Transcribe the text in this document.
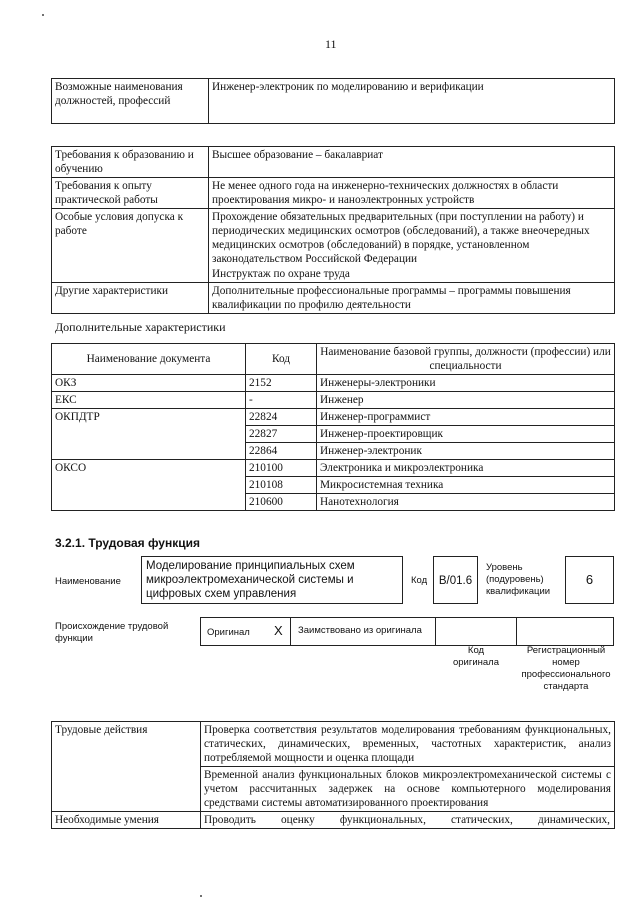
11
Возможные наименования должностей, профессий	Инженер-электроник по моделированию и верификации
Требования к образованию и обучению	Высшее образование – бакалавриат
Требования к опыту практической работы	Не менее одного года на инженерно-технических должностях в области проектирования микро- и наноэлектронных устройств
Особые условия допуска к работе	Прохождение обязательных предварительных (при поступлении на работу) и периодических медицинских осмотров (обследований), а также внеочередных медицинских осмотров (обследований) в порядке, установленном законодательством Российской Федерации
Инструктаж по охране труда

Другие характеристики	Дополнительные профессиональные программы – программы повышения квалификации по профилю деятельности
Дополнительные характеристики
Наименование документа	Код	Наименование базовой группы, должности (профессии) или специальности
ОКЗ	2152	Инженеры-электроники
ЕКС	-	Инженер
ОКПДТР	22824	Инженер-программист
	22827	Инженер-проектировщик
	22864	Инженер-электроник
ОКСО	210100	Электроника и микроэлектроника
	210108	Микросистемная техника
	210600	Нанотехнология
3.2.1. Трудовая функция
Наименование
Моделирование принципиальных схем микроэлектромеханической системы и цифровых схем управления
Код	B/01.6
Уровень (подуровень) квалификации
6
Происхождение трудовой функции
Оригинал X Заимствовано из оригинала
Код оригинала
Регистрационный номер профессионального стандарта
Трудовые действия	Проверка соответствия результатов моделирования требованиям функциональных, статических, динамических, временных, частотных характеристик, анализ потребляемой мощности и оценка площади
	Временной анализ функциональных блоков микроэлектромеханической системы с учетом рассчитанных задержек на основе компьютерного моделирования средствами системы автоматизированного проектирования
Необходимые умения	Проводить оценку функциональных, статических, динамических,
